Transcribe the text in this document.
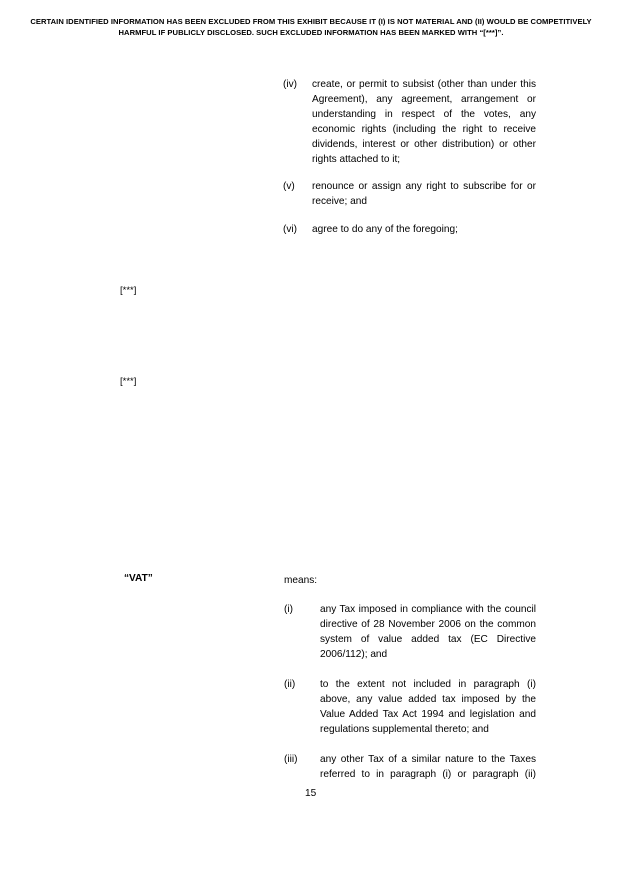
CERTAIN IDENTIFIED INFORMATION HAS BEEN EXCLUDED FROM THIS EXHIBIT BECAUSE IT (I) IS NOT MATERIAL AND (II) WOULD BE COMPETITIVELY HARMFUL IF PUBLICLY DISCLOSED. SUCH EXCLUDED INFORMATION HAS BEEN MARKED WITH “[***]”.
(iv) create, or permit to subsist (other than under this Agreement), any agreement, arrangement or understanding in respect of the votes, any economic rights (including the right to receive dividends, interest or other distribution) or other rights attached to it;
(v) renounce or assign any right to subscribe for or receive; and
(vi) agree to do any of the foregoing;
[***]
[***]
“VAT”	means:
(i)	any Tax imposed in compliance with the council directive of 28 November 2006 on the common system of value added tax (EC Directive 2006/112); and
(ii) to the extent not included in paragraph (i) above, any value added tax imposed by the Value Added Tax Act 1994 and legislation and regulations supplemental thereto; and
(iii) any other Tax of a similar nature to the Taxes referred to in paragraph (i) or paragraph (ii)
15
